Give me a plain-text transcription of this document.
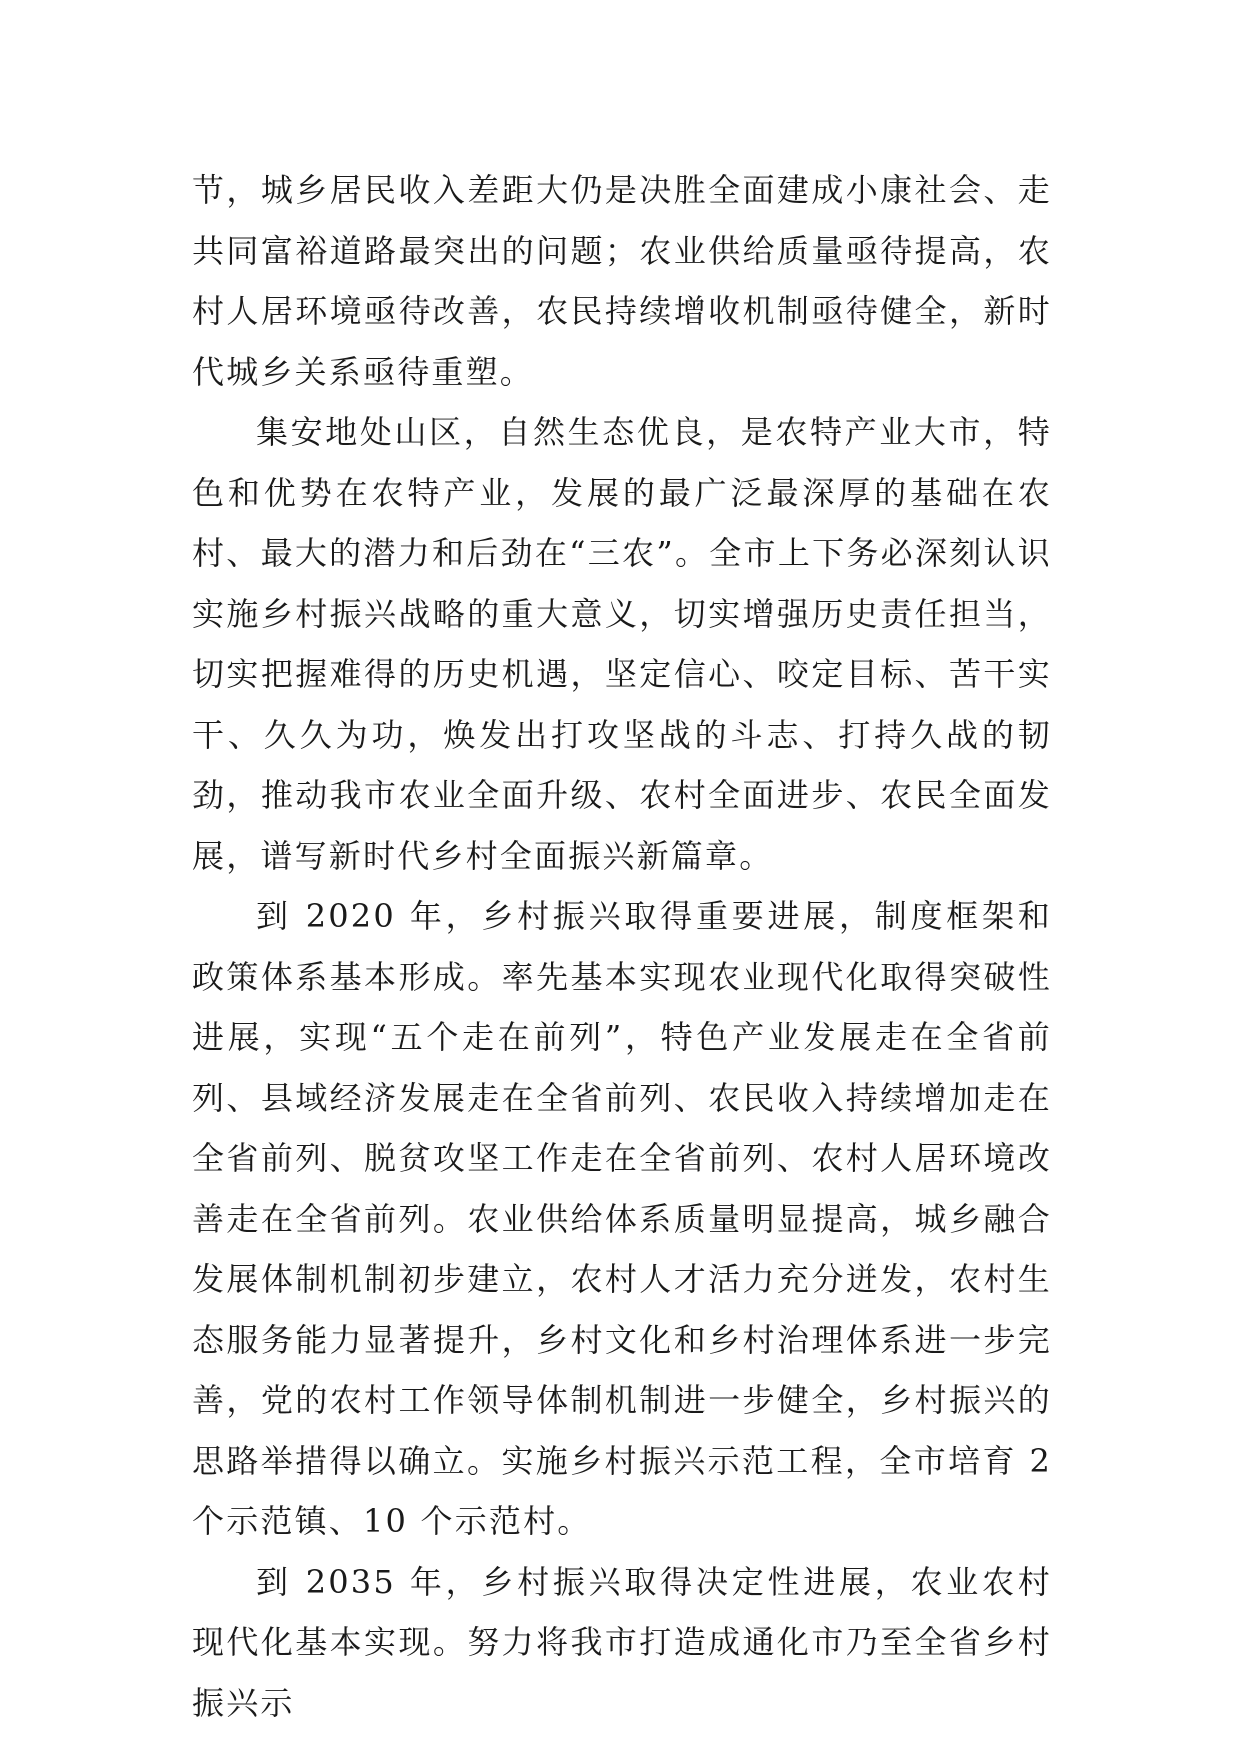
节，城乡居民收入差距大仍是决胜全面建成小康社会、走共同富裕道路最突出的问题；农业供给质量亟待提高，农村人居环境亟待改善，农民持续增收机制亟待健全，新时代城乡关系亟待重塑。

集安地处山区，自然生态优良，是农特产业大市，特色和优势在农特产业，发展的最广泛最深厚的基础在农村、最大的潜力和后劲在“三农”。全市上下务必深刻认识实施乡村振兴战略的重大意义，切实增强历史责任担当，切实把握难得的历史机遇，坚定信心、咬定目标、苦干实干、久久为功，焕发出打攻坚战的斗志、打持久战的韧劲，推动我市农业全面升级、农村全面进步、农民全面发展，谱写新时代乡村全面振兴新篇章。

到 2020 年，乡村振兴取得重要进展，制度框架和政策体系基本形成。率先基本实现农业现代化取得突破性进展，实现“五个走在前列”，特色产业发展走在全省前列、县域经济发展走在全省前列、农民收入持续增加走在全省前列、脱贫攻坚工作走在全省前列、农村人居环境改善走在全省前列。农业供给体系质量明显提高，城乡融合发展体制机制初步建立，农村人才活力充分迸发，农村生态服务能力显著提升，乡村文化和乡村治理体系进一步完善，党的农村工作领导体制机制进一步健全，乡村振兴的思路举措得以确立。实施乡村振兴示范工程，全市培育 2 个示范镇、10 个示范村。

到 2035 年，乡村振兴取得决定性进展，农业农村现代化基本实现。努力将我市打造成通化市乃至全省乡村振兴示
